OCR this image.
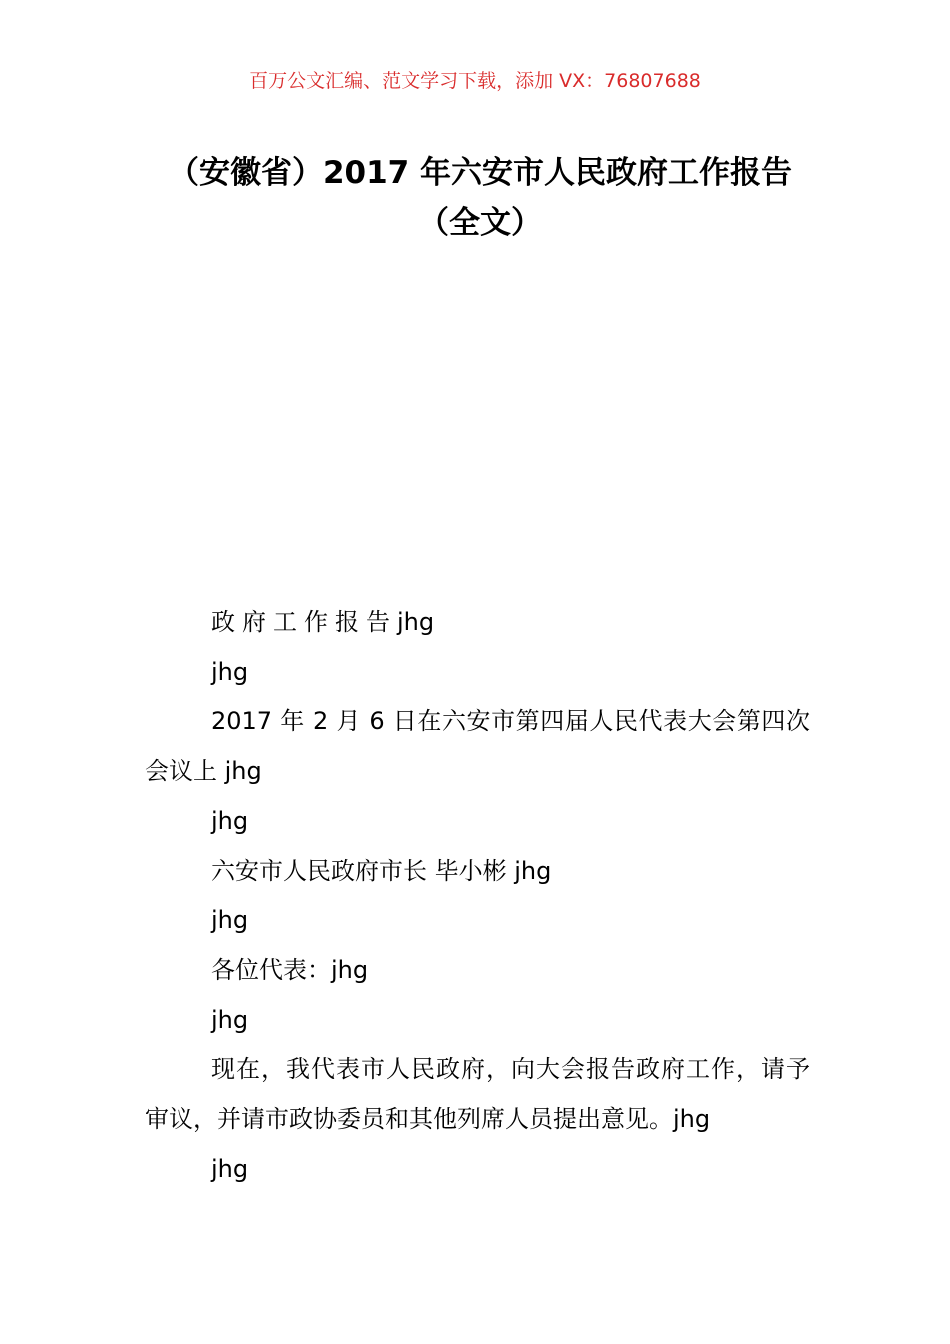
百万公文汇编、范文学习下载，添加 VX：76807688
（安徽省）2017 年六安市人民政府工作报告（全文）

政府工作报告jhg

jhg

2017 年 2 月 6 日在六安市第四届人民代表大会第四次会议上 jhg

jhg

六安市人民政府市长 毕小彬 jhg

jhg

各位代表：jhg

jhg

现在，我代表市人民政府，向大会报告政府工作，请予审议，并请市政协委员和其他列席人员提出意见。jhg

jhg
